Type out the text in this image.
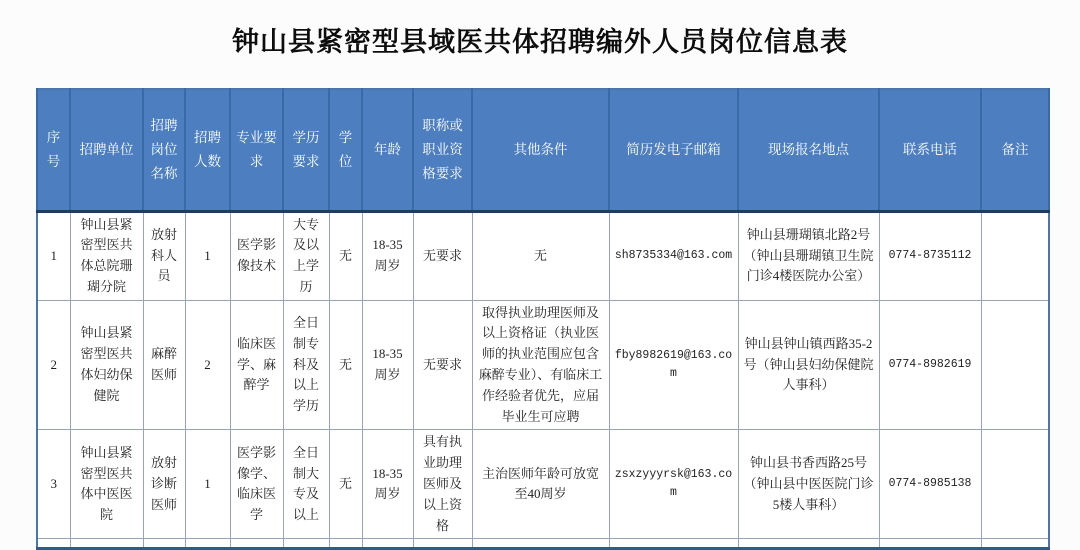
钟山县紧密型县域医共体招聘编外人员岗位信息表
序号	招聘单位	招聘岗位名称	招聘人数	专业要求	学历要求	学位	年龄	职称或职业资格要求	其他条件	简历发电子邮箱	现场报名地点	联系电话	备注
1	钟山县紧密型医共体总院珊瑚分院	放射科人员	1	医学影像技术	大专及以上学历	无	18-35周岁	无要求	无	sh8735334@163.com	钟山县珊瑚镇北路2号（钟山县珊瑚镇卫生院门诊4楼医院办公室）	0774-8735112	
2	钟山县紧密型医共体妇幼保健院	麻醉医师	2	临床医学、麻醉学	全日制专科及以上学历	无	18-35周岁	无要求	取得执业助理医师及以上资格证（执业医师的执业范围应包含麻醉专业）、有临床工作经验者优先，应届毕业生可应聘	fby8982619@163.com	钟山县钟山镇西路35-2号（钟山县妇幼保健院人事科）	0774-8982619	
3	钟山县紧密型医共体中医医院	放射诊断医师	1	医学影像学、临床医学	全日制大专及以上	无	18-35周岁	具有执业助理医师及以上资格	主治医师年龄可放宽至40周岁	zsxzyyyrsk@163.com	钟山县书香西路25号（钟山县中医医院门诊5楼人事科）	0774-8985138	
